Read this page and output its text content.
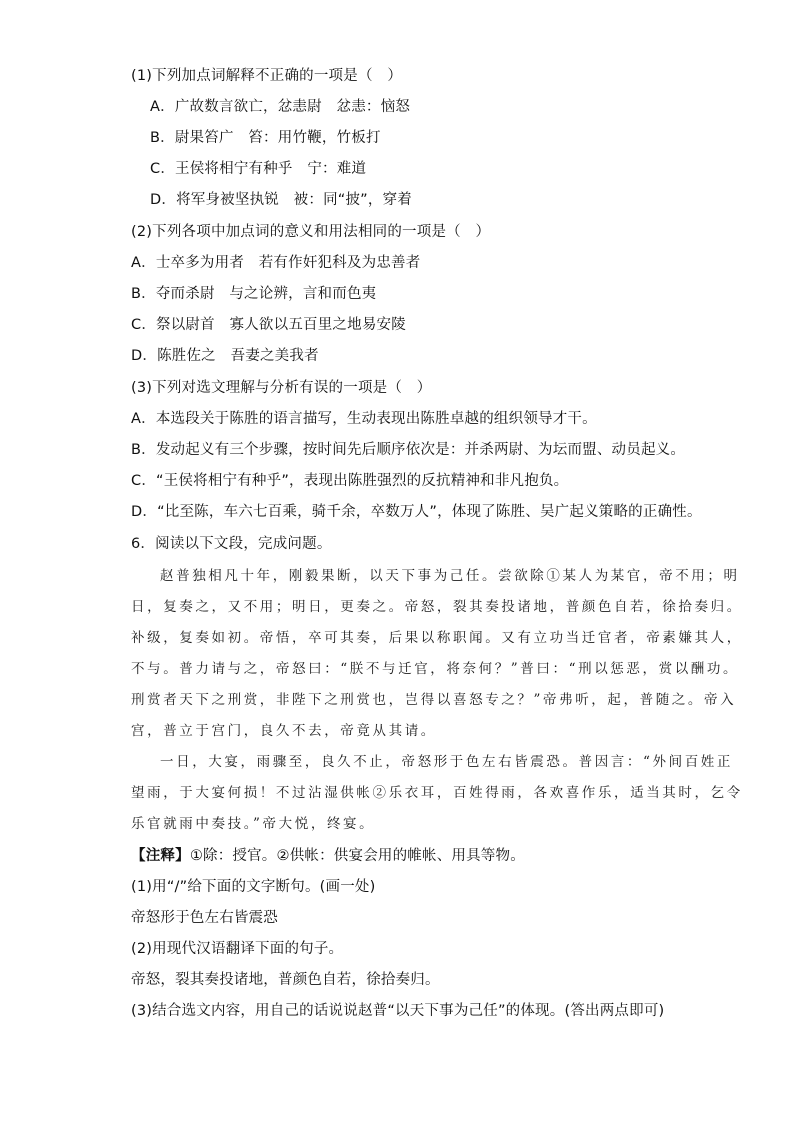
(1)下列加点词解释不正确的一项是（　）
A．广故数言欲亡，忿恚尉　忿恚：恼怒
B．尉果笞广　笞：用竹鞭，竹板打
C．王侯将相宁有种乎　宁：难道
D．将军身被坚执锐　被：同“披”，穿着
(2)下列各项中加点词的意义和用法相同的一项是（　）
A．士卒多为用者　若有作奸犯科及为忠善者
B．夺而杀尉　与之论辨，言和而色夷
C．祭以尉首　寡人欲以五百里之地易安陵
D．陈胜佐之　吾妻之美我者
(3)下列对选文理解与分析有误的一项是（　）
A．本选段关于陈胜的语言描写，生动表现出陈胜卓越的组织领导才干。
B．发动起义有三个步骤，按时间先后顺序依次是：并杀两尉、为坛而盟、动员起义。
C．“王侯将相宁有种乎”，表现出陈胜强烈的反抗精神和非凡抱负。
D．“比至陈，车六七百乘，骑千余，卒数万人”，体现了陈胜、吴广起义策略的正确性。
6．阅读以下文段，完成问题。
赵普独相凡十年，刚毅果断，以天下事为己任。尝欲除①某人为某官，帝不用；明
日，复奏之，又不用；明日，更奏之。帝怒，裂其奏投诸地，普颜色自若，徐拾奏归。
补级，复奏如初。帝悟，卒可其奏，后果以称职闻。又有立功当迁官者，帝素嫌其人，
不与。普力请与之，帝怒曰：“朕不与迁官，将奈何？”普曰：“刑以惩恶，赏以酬功。
刑赏者天下之刑赏，非陛下之刑赏也，岂得以喜怒专之？”帝弗听，起，普随之。帝入
宫，普立于宫门，良久不去，帝竟从其请。
一日，大宴，雨骤至，良久不止，帝怒形于色左右皆震恐。普因言：“外间百姓正
望雨，于大宴何损！不过沾湿供帐②乐衣耳，百姓得雨，各欢喜作乐，适当其时，乞令
乐官就雨中奏技。”帝大悦，终宴。
【注释】①除：授官。②供帐：供宴会用的帷帐、用具等物。
(1)用“/”给下面的文字断句。(画一处)
帝怒形于色左右皆震恐
(2)用现代汉语翻译下面的句子。
帝怒，裂其奏投诸地，普颜色自若，徐拾奏归。
(3)结合选文内容，用自己的话说说赵普“以天下事为己任”的体现。(答出两点即可)
